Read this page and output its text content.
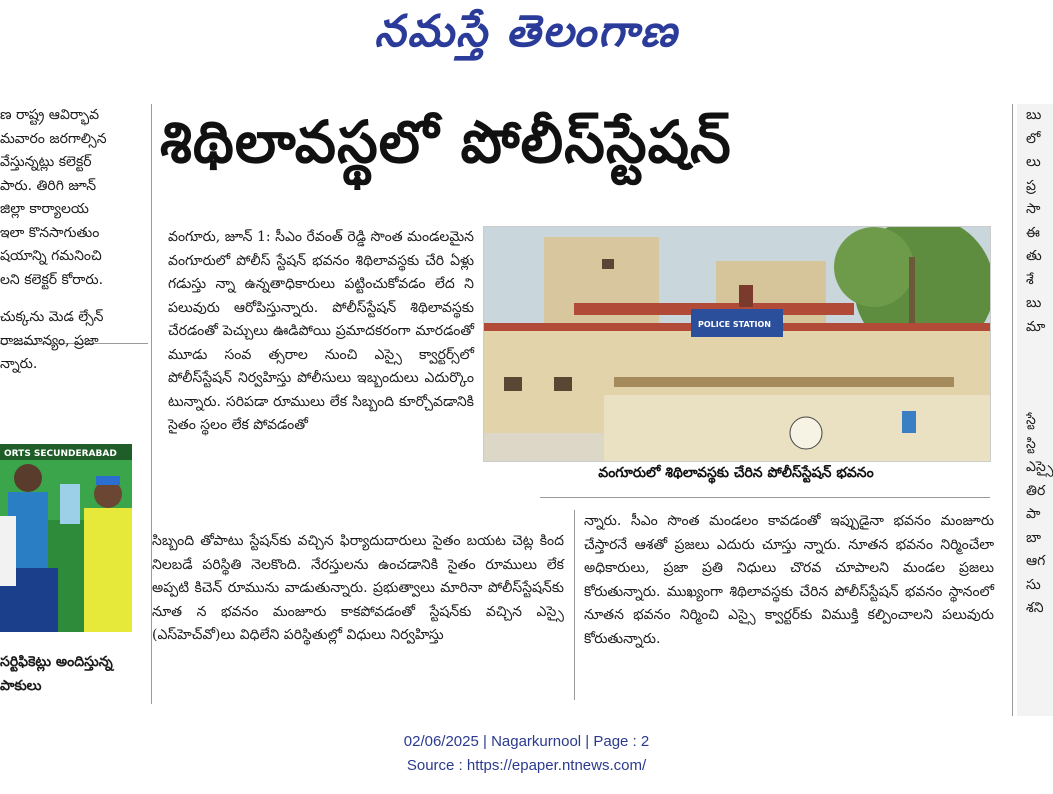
నమస్తే తెలంగాణ

ణ రాష్ట్ర ఆవిర్భావ

మవారం జరగాల్సిన

వేస్తున్నట్లు కలెక్టర్

పారు. తిరిగి జూన్

జిల్లా కార్యాలయ

ఇలా కొనసాగుతుం

షయాన్ని గమనించి

లని కలెక్టర్ కోరారు.

చుక్కను మెడ ల్సేన్

రాజమాన్యం, ప్రజా

న్నారు.

ORTS SECUNDERABAD
సర్టిఫికెట్లు అందిస్తున్న
పాకులు
శిథిలావస్థలో పోలీస్‌స్టేషన్

వంగూరు, జూన్ 1: సీఎం రేవంత్ రెడ్డి సొంత మండలమైన వంగూరులో పోలీస్ స్టేషన్ భవనం శిథిలావస్థకు చేరి ఏళ్లు గడుస్తు న్నా ఉన్నతాధికారులు పట్టించుకోవడం లేద ని పలువురు ఆరోపిస్తున్నారు. పోలీస్‌స్టేషన్ శిథిలావస్థకు చేరడంతో పెచ్చులు ఊడిపోయి ప్రమాదకరంగా మారడంతో మూడు సంవ త్సరాల నుంచి ఎస్సై క్వార్టర్స్‌లో పోలీస్‌స్టేషన్ నిర్వహిస్తు పోలీసులు ఇబ్బందులు ఎదుర్కొం టున్నారు. సరిపడా రూములు లేక సిబ్బంది కూర్చోవడానికి సైతం స్థలం లేక పోవడంతో

POLICE STATION
వంగూరులో శిథిలావస్థకు చేరిన పోలీస్‌స్టేషన్ భవనం

సిబ్బంది తోపాటు స్టేషన్‌కు వచ్చిన ఫిర్యాదుదారులు సైతం బయట చెట్ల కింద నిలబడే పరిస్థితి నెలకొంది. నేరస్తులను ఉంచడానికి సైతం రూములు లేక అప్పటి కిచెన్ రూమును వాడుతున్నారు. ప్రభుత్వాలు మారినా పోలీస్‌స్టేషన్‌కు నూత న భవనం మంజూరు కాకపోవడంతో స్టేషన్‌కు వచ్చిన ఎస్సై (ఎస్‌హెచ్‌వో)లు విధిలేని పరిస్థితుల్లో విధులు నిర్వహిస్తు

న్నారు. సీఎం సొంత మండలం కావడంతో ఇప్పుడైనా భవనం మంజూరు చేస్తారనే ఆశతో ప్రజలు ఎదురు చూస్తు న్నారు. నూతన భవనం నిర్మించేలా అధికారులు, ప్రజా ప్రతి నిధులు చొరవ చూపాలని మండల ప్రజలు కోరుతున్నారు. ముఖ్యంగా శిథిలావస్థకు చేరిన పోలీస్‌స్టేషన్ భవనం స్థానంలో నూతన భవనం నిర్మించి ఎస్సై క్వార్టర్‌కు విముక్తి కల్పించాలని పలువురు కోరుతున్నారు.

బు
లో
లు
ప్ర
సా
ఈ
తు
శే
బు
మా
స్టే
స్టి
ఎస్సై
తిర
పా
బా
ఆగ
సు
శని
02/06/2025 | Nagarkurnool | Page : 2
Source : https://epaper.ntnews.com/
